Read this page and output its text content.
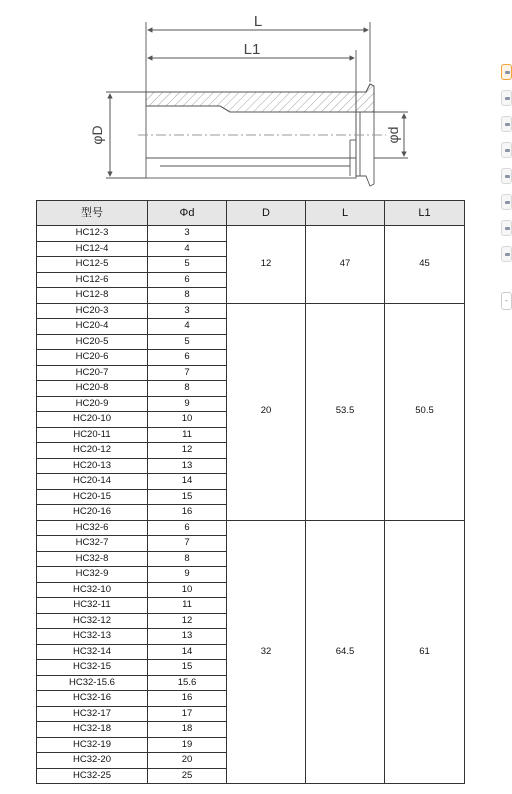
L
L1
φD	φd
型号	Φd	D	L	L1
HC12-3	3	12	47	45
HC12-4	4			
HC12-5	5			
HC12-6	6			
HC12-8	8			
HC20-3	3	20	53.5	50.5
HC20-4	4			
HC20-5	5			
HC20-6	6			
HC20-7	7			
HC20-8	8			
HC20-9	9			
HC20-10	10			
HC20-11	11			
HC20-12	12			
HC20-13	13			
HC20-14	14			
HC20-15	15			
HC20-16	16			
HC32-6	6	32	64.5	61
HC32-7	7			
HC32-8	8			
HC32-9	9			
HC32-10	10			
HC32-11	11			
HC32-12	12			
HC32-13	13			
HC32-14	14			
HC32-15	15			
HC32-15.6	15.6			
HC32-16	16			
HC32-17	17			
HC32-18	18			
HC32-19	19			
HC32-20	20			
HC32-25	25			
-
